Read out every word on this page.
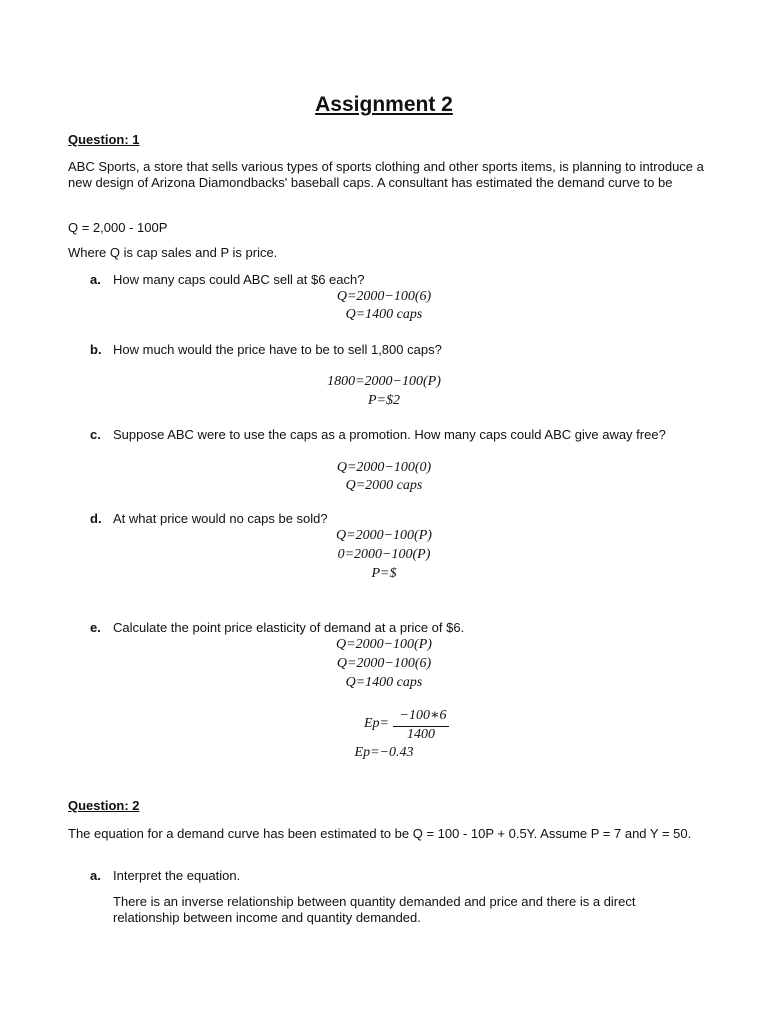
Assignment 2
Question: 1
ABC Sports, a store that sells various types of sports clothing and other sports items, is planning to introduce a new design of Arizona Diamondbacks' baseball caps. A consultant has estimated the demand curve to be
Q = 2,000 - 100P
Where Q is cap sales and P is price.
a. How many caps could ABC sell at $6 each?
Q=2000−100(6)
Q=1400 caps
b. How much would the price have to be to sell 1,800 caps?
1800=2000−100(P)
P=$2
c. Suppose ABC were to use the caps as a promotion. How many caps could ABC give away free?
Q=2000−100(0)
Q=2000 caps
d. At what price would no caps be sold?
Q=2000−100(P)
0=2000−100(P)
P=$
e. Calculate the point price elasticity of demand at a price of $6.
Q=2000−100(P)
Q=2000−100(6)
Q=1400 caps
Ep=
−100∗6
1400
Ep=−0.43
Question: 2
The equation for a demand curve has been estimated to be Q = 100 - 10P + 0.5Y. Assume P = 7 and Y = 50.
a. Interpret the equation.
There is an inverse relationship between quantity demanded and price and there is a direct relationship between income and quantity demanded.
